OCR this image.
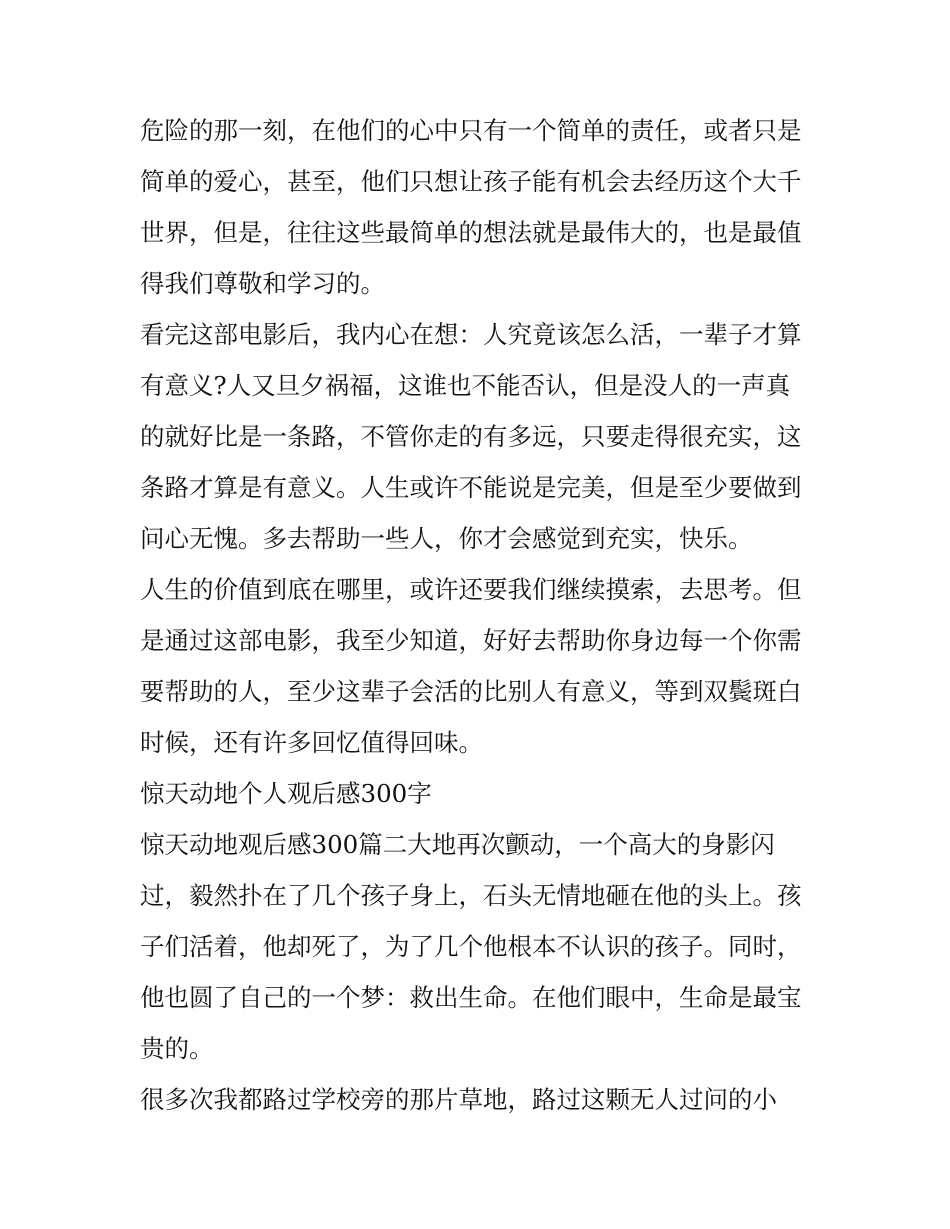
危险的那一刻，在他们的心中只有一个简单的责任，或者只是
简单的爱心，甚至，他们只想让孩子能有机会去经历这个大千
世界，但是，往往这些最简单的想法就是最伟大的，也是最值
得我们尊敬和学习的。
看完这部电影后，我内心在想：人究竟该怎么活，一辈子才算
有意义?人又旦夕祸福，这谁也不能否认，但是没人的一声真
的就好比是一条路，不管你走的有多远，只要走得很充实，这
条路才算是有意义。人生或许不能说是完美，但是至少要做到
问心无愧。多去帮助一些人，你才会感觉到充实，快乐。
人生的价值到底在哪里，或许还要我们继续摸索，去思考。但
是通过这部电影，我至少知道，好好去帮助你身边每一个你需
要帮助的人，至少这辈子会活的比别人有意义，等到双鬓斑白
时候，还有许多回忆值得回味。
惊天动地个人观后感300字
惊天动地观后感300篇二大地再次颤动，一个高大的身影闪
过，毅然扑在了几个孩子身上，石头无情地砸在他的头上。孩
子们活着，他却死了，为了几个他根本不认识的孩子。同时，
他也圆了自己的一个梦：救出生命。在他们眼中，生命是最宝
贵的。
很多次我都路过学校旁的那片草地，路过这颗无人过问的小
